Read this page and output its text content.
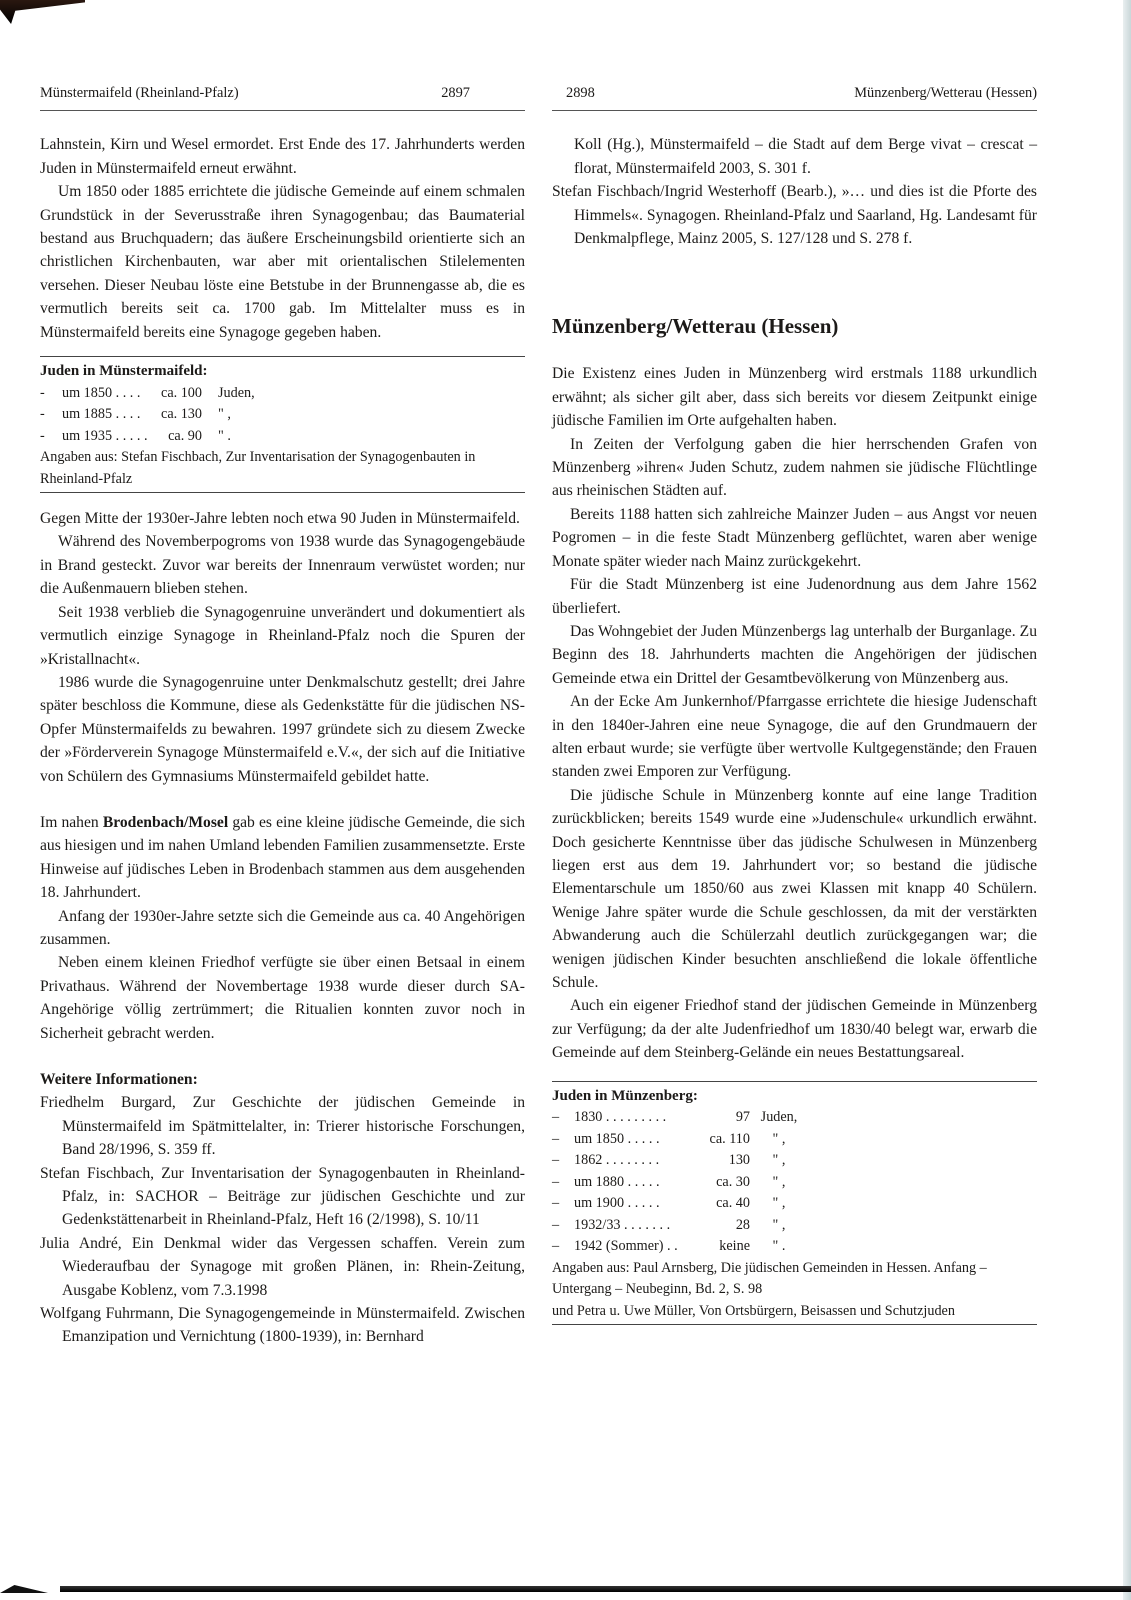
Münstermaifeld (Rheinland-Pfalz)	2897

Lahnstein, Kirn und Wesel ermordet. Erst Ende des 17. Jahrhunderts werden Juden in Münstermaifeld erneut erwähnt.

Um 1850 oder 1885 errichtete die jüdische Gemeinde auf einem schmalen Grundstück in der Severusstraße ihren Synagogenbau; das Baumaterial bestand aus Bruchquadern; das äußere Erscheinungsbild orientierte sich an christlichen Kirchenbauten, war aber mit orientalischen Stilelementen versehen. Dieser Neubau löste eine Betstube in der Brunnengasse ab, die es vermutlich bereits seit ca. 1700 gab. Im Mittelalter muss es in Münstermaifeld bereits eine Synagoge gegeben haben.

Juden in Münstermaifeld:
-	um 1850 . . . .	ca. 100	Juden,
-	um 1885 . . . .	ca. 130	" ,
-	um 1935 . . . . .	ca. 90	" .
Angaben aus: Stefan Fischbach, Zur Inventarisation der Synagogenbauten in Rheinland-Pfalz

Gegen Mitte der 1930er-Jahre lebten noch etwa 90 Juden in Münstermaifeld.

Während des Novemberpogroms von 1938 wurde das Synagogengebäude in Brand gesteckt. Zuvor war bereits der Innenraum verwüstet worden; nur die Außenmauern blieben stehen.

Seit 1938 verblieb die Synagogenruine unverändert und dokumentiert als vermutlich einzige Synagoge in Rheinland-Pfalz noch die Spuren der »Kristallnacht«.

1986 wurde die Synagogenruine unter Denkmalschutz gestellt; drei Jahre später beschloss die Kommune, diese als Gedenkstätte für die jüdischen NS-Opfer Münstermaifelds zu bewahren. 1997 gründete sich zu diesem Zwecke der »Förderverein Synagoge Münstermaifeld e.V.«, der sich auf die Initiative von Schülern des Gymnasiums Münstermaifeld gebildet hatte.

Im nahen Brodenbach/Mosel gab es eine kleine jüdische Gemeinde, die sich aus hiesigen und im nahen Umland lebenden Familien zusammensetzte. Erste Hinweise auf jüdisches Leben in Brodenbach stammen aus dem ausgehenden 18. Jahrhundert.

Anfang der 1930er-Jahre setzte sich die Gemeinde aus ca. 40 Angehörigen zusammen.

Neben einem kleinen Friedhof verfügte sie über einen Betsaal in einem Privathaus. Während der Novembertage 1938 wurde dieser durch SA-Angehörige völlig zertrümmert; die Ritualien konnten zuvor noch in Sicherheit gebracht werden.

Weitere Informationen:
Friedhelm Burgard, Zur Geschichte der jüdischen Gemeinde in Münstermaifeld im Spätmittelalter, in: Trierer historische Forschungen, Band 28/1996, S. 359 ff.
Stefan Fischbach, Zur Inventarisation der Synagogenbauten in Rheinland-Pfalz, in: SACHOR – Beiträge zur jüdischen Geschichte und zur Gedenkstättenarbeit in Rheinland-Pfalz, Heft 16 (2/1998), S. 10/11
Julia André, Ein Denkmal wider das Vergessen schaffen. Verein zum Wiederaufbau der Synagoge mit großen Plänen, in: Rhein-Zeitung, Ausgabe Koblenz, vom 7.3.1998
Wolfgang Fuhrmann, Die Synagogengemeinde in Münstermaifeld. Zwischen Emanzipation und Vernichtung (1800-1939), in: Bernhard
2898	Münzenberg/Wetterau (Hessen)
Koll (Hg.), Münstermaifeld – die Stadt auf dem Berge vivat – crescat – florat, Münstermaifeld 2003, S. 301 f.
Stefan Fischbach/Ingrid Westerhoff (Bearb.), »… und dies ist die Pforte des Himmels«. Synagogen. Rheinland-Pfalz und Saarland, Hg. Landesamt für Denkmalpflege, Mainz 2005, S. 127/128 und S. 278 f.
Münzenberg/Wetterau (Hessen)

Die Existenz eines Juden in Münzenberg wird erstmals 1188 urkundlich erwähnt; als sicher gilt aber, dass sich bereits vor diesem Zeitpunkt einige jüdische Familien im Orte aufgehalten haben.

In Zeiten der Verfolgung gaben die hier herrschenden Grafen von Münzenberg »ihren« Juden Schutz, zudem nahmen sie jüdische Flüchtlinge aus rheinischen Städten auf.

Bereits 1188 hatten sich zahlreiche Mainzer Juden – aus Angst vor neuen Pogromen – in die feste Stadt Münzenberg geflüchtet, waren aber wenige Monate später wieder nach Mainz zurückgekehrt.

Für die Stadt Münzenberg ist eine Judenordnung aus dem Jahre 1562 überliefert.

Das Wohngebiet der Juden Münzenbergs lag unterhalb der Burganlage. Zu Beginn des 18. Jahrhunderts machten die Angehörigen der jüdischen Gemeinde etwa ein Drittel der Gesamtbevölkerung von Münzenberg aus.

An der Ecke Am Junkernhof/Pfarrgasse errichtete die hiesige Judenschaft in den 1840er-Jahren eine neue Synagoge, die auf den Grundmauern der alten erbaut wurde; sie verfügte über wertvolle Kultgegenstände; den Frauen standen zwei Emporen zur Verfügung.

Die jüdische Schule in Münzenberg konnte auf eine lange Tradition zurückblicken; bereits 1549 wurde eine »Judenschule« urkundlich erwähnt. Doch gesicherte Kenntnisse über das jüdische Schulwesen in Münzenberg liegen erst aus dem 19. Jahrhundert vor; so bestand die jüdische Elementarschule um 1850/60 aus zwei Klassen mit knapp 40 Schülern. Wenige Jahre später wurde die Schule geschlossen, da mit der verstärkten Abwanderung auch die Schülerzahl deutlich zurückgegangen war; die wenigen jüdischen Kinder besuchten anschließend die lokale öffentliche Schule.

Auch ein eigener Friedhof stand der jüdischen Gemeinde in Münzenberg zur Verfügung; da der alte Judenfriedhof um 1830/40 belegt war, erwarb die Gemeinde auf dem Steinberg-Gelände ein neues Bestattungsareal.

Juden in Münzenberg:
–	1830 . . . . . . . . .	97 Juden,
–	um 1850 . . . . .	ca. 110	" ,
–	1862 . . . . . . . .	130	" ,
–	um 1880 . . . . .	ca. 30	" ,
–	um 1900 . . . . .	ca. 40	" ,
–	1932/33 . . . . . . .	28	" ,
–	1942 (Sommer) . .	keine	" .
Angaben aus: Paul Arnsberg, Die jüdischen Gemeinden in Hessen. Anfang – Untergang – Neubeginn, Bd. 2, S. 98
und Petra u. Uwe Müller, Von Ortsbürgern, Beisassen und Schutzjuden
